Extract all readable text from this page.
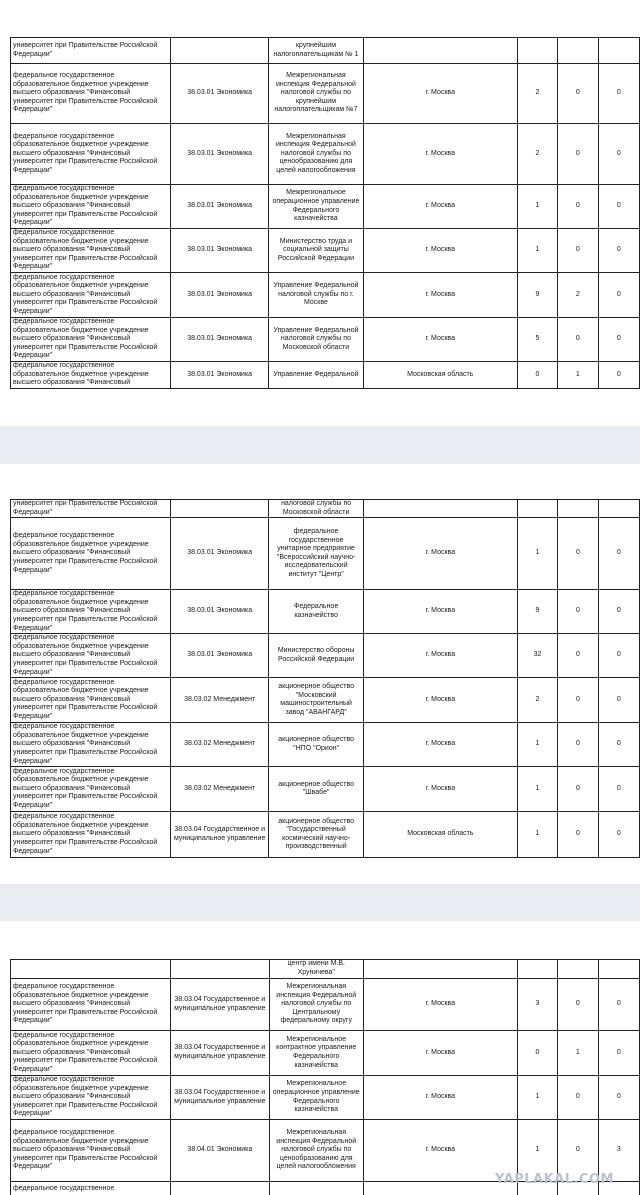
университет при Правительстве Российской Федерации"		крупнейшим налогоплательщикам № 1				
федеральное государственное образовательное бюджетное учреждение высшего образования "Финансовый университет при Правительстве Российской Федерации"	38.03.01 Экономика	Межрегиональная инспекция Федеральной налоговой службы по крупнейшим налогоплательщикам №7	г. Москва	2	0	0
федеральное государственное образовательное бюджетное учреждение высшего образования "Финансовый университет при Правительстве Российской Федерации"	38.03.01 Экономика	Межрегиональная инспекция Федеральной налоговой службы по ценообразованию для целей налогообложения	г. Москва	2	0	0
федеральное государственное образовательное бюджетное учреждение высшего образования "Финансовый университет при Правительстве Российской Федерации"	38.03.01 Экономика	Межрегиональное операционное управление Федерального казначейства	г. Москва	1	0	0
федеральное государственное образовательное бюджетное учреждение высшего образования "Финансовый университет при Правительстве Российской Федерации"	38.03.01 Экономика	Министерство труда и социальной защиты Российской Федерации	г. Москва	1	0	0
федеральное государственное образовательное бюджетное учреждение высшего образования "Финансовый университет при Правительстве Российской Федерации"	38.03.01 Экономика	Управление Федеральной налоговой службы по г. Москве	г. Москва	9	2	0
федеральное государственное образовательное бюджетное учреждение высшего образования "Финансовый университет при Правительстве Российской Федерации"	38.03.01 Экономика	Управление Федеральной налоговой службы по Московской области	г. Москва	5	0	0
федеральное государственное образовательное бюджетное учреждение высшего образования "Финансовый	38.03.01 Экономика	Управление Федеральной	Московская область	0	1	0
университет при Правительстве Российской Федерации"		налоговой службы по Московской области				
федеральное государственное образовательное бюджетное учреждение высшего образования "Финансовый университет при Правительстве Российской Федерации"	38.03.01 Экономика	федеральное государственное унитарное предприятие "Всероссийский научно-исследовательский институт "Центр"	г. Москва	1	0	0
федеральное государственное образовательное бюджетное учреждение высшего образования "Финансовый университет при Правительстве Российской Федерации"	38.03.01 Экономика	Федеральное казначейство	г. Москва	9	0	0
федеральное государственное образовательное бюджетное учреждение высшего образования "Финансовый университет при Правительстве Российской Федерации"	38.03.01 Экономика	Министерство обороны Российской Федерации	г. Москва	32	0	0
федеральное государственное образовательное бюджетное учреждение высшего образования "Финансовый университет при Правительстве Российской Федерации"	38.03.02 Менеджмент	акционерное общество "Московский машиностроительный завод "АВАНГАРД"	г. Москва	2	0	0
федеральное государственное образовательное бюджетное учреждение высшего образования "Финансовый университет при Правительстве Российской Федерации"	38.03.02 Менеджмент	акционерное общество "НПО "Орион"	г. Москва	1	0	0
федеральное государственное образовательное бюджетное учреждение высшего образования "Финансовый университет при Правительстве Российской Федерации"	38.03.02 Менеджмент	акционерное общество "Швабе"	г. Москва	1	0	0
федеральное государственное образовательное бюджетное учреждение высшего образования "Финансовый университет при Правительстве Российской Федерации"	38.03.04 Государственное и муниципальное управление	акционерное общество "Государственный космический научно-производственный	Московская область	1	0	0
		центр имени М.В. Хруничева"				
федеральное государственное образовательное бюджетное учреждение высшего образования "Финансовый университет при Правительстве Российской Федерации"	38.03.04 Государственное и муниципальное управление	Межрегиональная инспекция Федеральной налоговой службы по Центральному федеральному округу	г. Москва	3	0	0
федеральное государственное образовательное бюджетное учреждение высшего образования "Финансовый университет при Правительстве Российской Федерации"	38.03.04 Государственное и муниципальное управление	Межрегиональное контрактное управление Федерального казначейства	г. Москва	0	1	0
федеральное государственное образовательное бюджетное учреждение высшего образования "Финансовый университет при Правительстве Российской Федерации"	38.03.04 Государственное и муниципальное управление	Межрегиональное операционное управление Федерального казначейства	г. Москва	1	0	0
федеральное государственное образовательное бюджетное учреждение высшего образования "Финансовый университет при Правительстве Российской Федерации"	38.04.01 Экономика	Межрегиональная инспекция Федеральной налоговой службы по ценообразованию для целей налогообложения	г. Москва	1	0	3
федеральное государственное						
YAPLAKAL.COM
